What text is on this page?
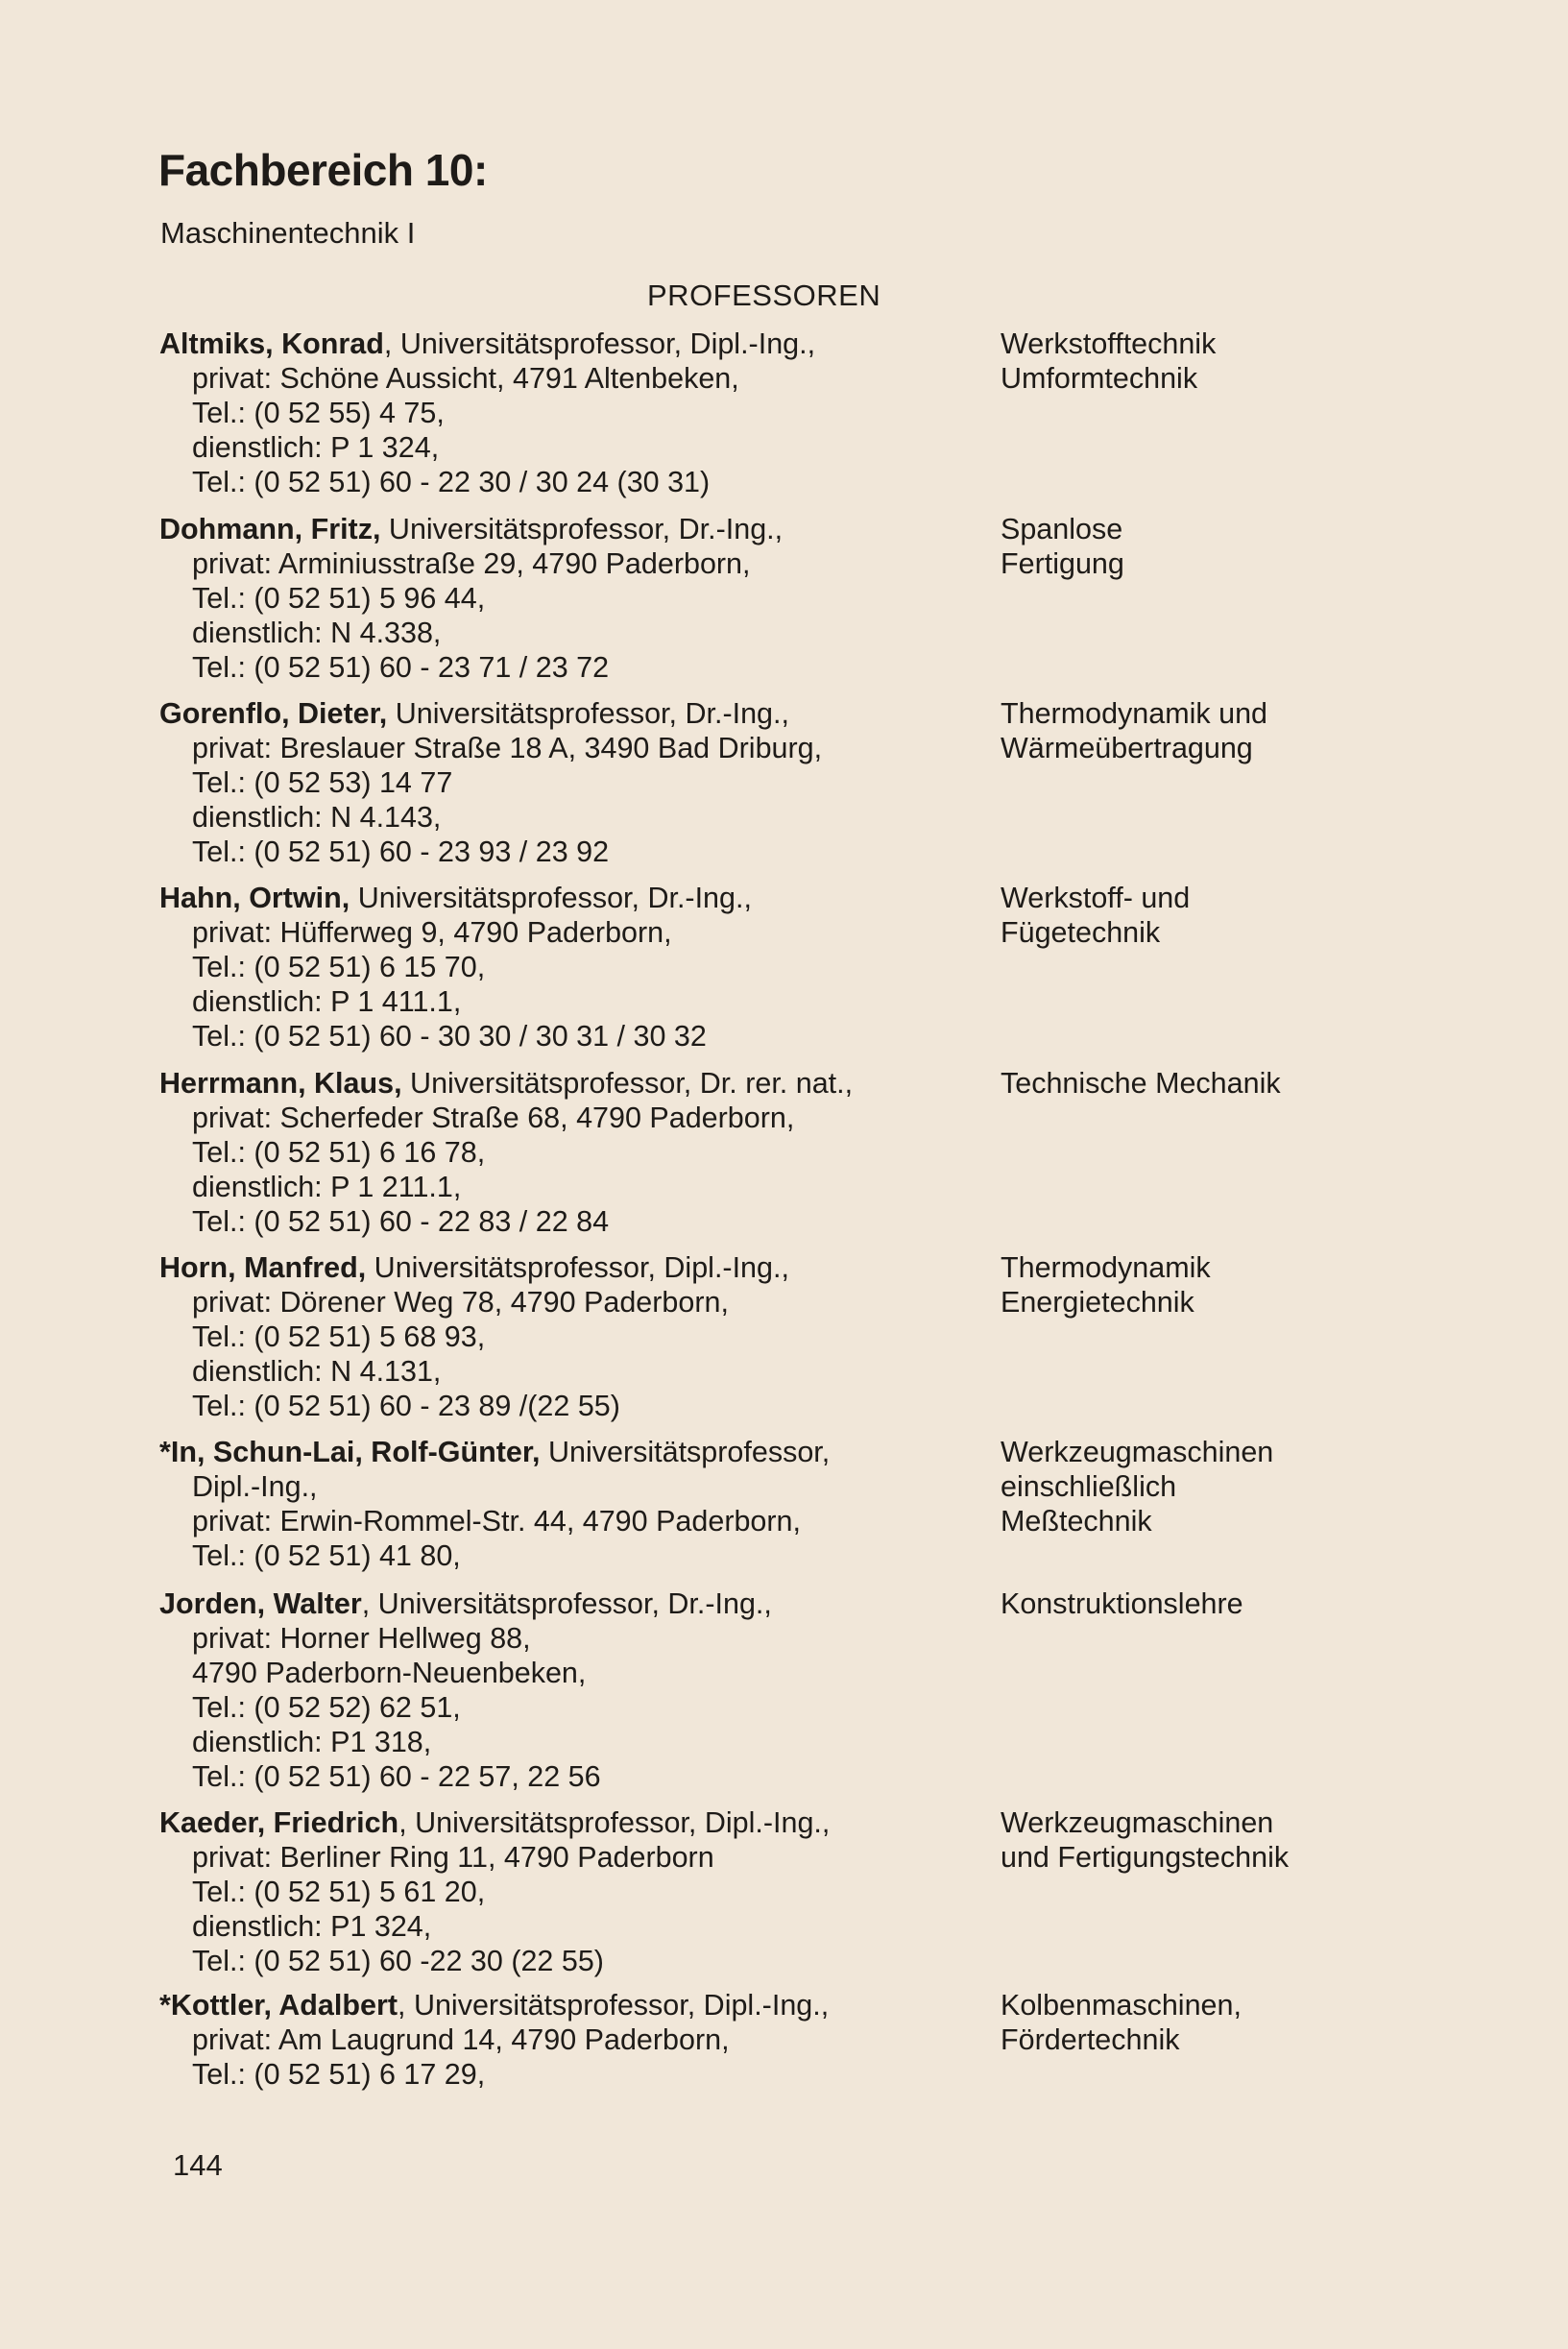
Fachbereich 10:
Maschinentechnik I
PROFESSOREN
Altmiks, Konrad, Universitätsprofessor, Dipl.-Ing.,
privat: Schöne Aussicht, 4791 Altenbeken,
Tel.: (0 52 55) 4 75,
dienstlich: P 1 324,
Tel.: (0 52 51) 60 - 22 30 / 30 24 (30 31)
Werkstofftechnik
Umformtechnik
Dohmann, Fritz, Universitätsprofessor, Dr.-Ing.,
privat: Arminiusstraße 29, 4790 Paderborn,
Tel.: (0 52 51) 5 96 44,
dienstlich: N 4.338,
Tel.: (0 52 51) 60 - 23 71 / 23 72
Spanlose
Fertigung
Gorenflo, Dieter, Universitätsprofessor, Dr.-Ing.,
privat: Breslauer Straße 18 A, 3490 Bad Driburg,
Tel.: (0 52 53) 14 77
dienstlich: N 4.143,
Tel.: (0 52 51) 60 - 23 93 / 23 92
Thermodynamik und
Wärmeübertragung
Hahn, Ortwin, Universitätsprofessor, Dr.-Ing.,
privat: Hüfferweg 9, 4790 Paderborn,
Tel.: (0 52 51) 6 15 70,
dienstlich: P 1 411.1,
Tel.: (0 52 51) 60 - 30 30 / 30 31 / 30 32
Werkstoff- und
Fügetechnik
Herrmann, Klaus, Universitätsprofessor, Dr. rer. nat.,
privat: Scherfeder Straße 68, 4790 Paderborn,
Tel.: (0 52 51) 6 16 78,
dienstlich: P 1 211.1,
Tel.: (0 52 51) 60 - 22 83 / 22 84
Technische Mechanik
Horn, Manfred, Universitätsprofessor, Dipl.-Ing.,
privat: Dörener Weg 78, 4790 Paderborn,
Tel.: (0 52 51) 5 68 93,
dienstlich: N 4.131,
Tel.: (0 52 51) 60 - 23 89 /(22 55)
Thermodynamik
Energietechnik
*In, Schun-Lai, Rolf-Günter, Universitätsprofessor,
Dipl.-Ing.,
privat: Erwin-Rommel-Str. 44, 4790 Paderborn,
Tel.: (0 52 51) 41 80,
Werkzeugmaschinen
einschließlich
Meßtechnik
Jorden, Walter, Universitätsprofessor, Dr.-Ing.,
privat: Horner Hellweg 88,
4790 Paderborn-Neuenbeken,
Tel.: (0 52 52) 62 51,
dienstlich: P1 318,
Tel.: (0 52 51) 60 - 22 57, 22 56
Konstruktionslehre
Kaeder, Friedrich, Universitätsprofessor, Dipl.-Ing.,
privat: Berliner Ring 11, 4790 Paderborn
Tel.: (0 52 51) 5 61 20,
dienstlich: P1 324,
Tel.: (0 52 51) 60 -22 30 (22 55)
Werkzeugmaschinen
und Fertigungstechnik
*Kottler, Adalbert, Universitätsprofessor, Dipl.-Ing.,
privat: Am Laugrund 14, 4790 Paderborn,
Tel.: (0 52 51) 6 17 29,
Kolbenmaschinen,
Fördertechnik
144
